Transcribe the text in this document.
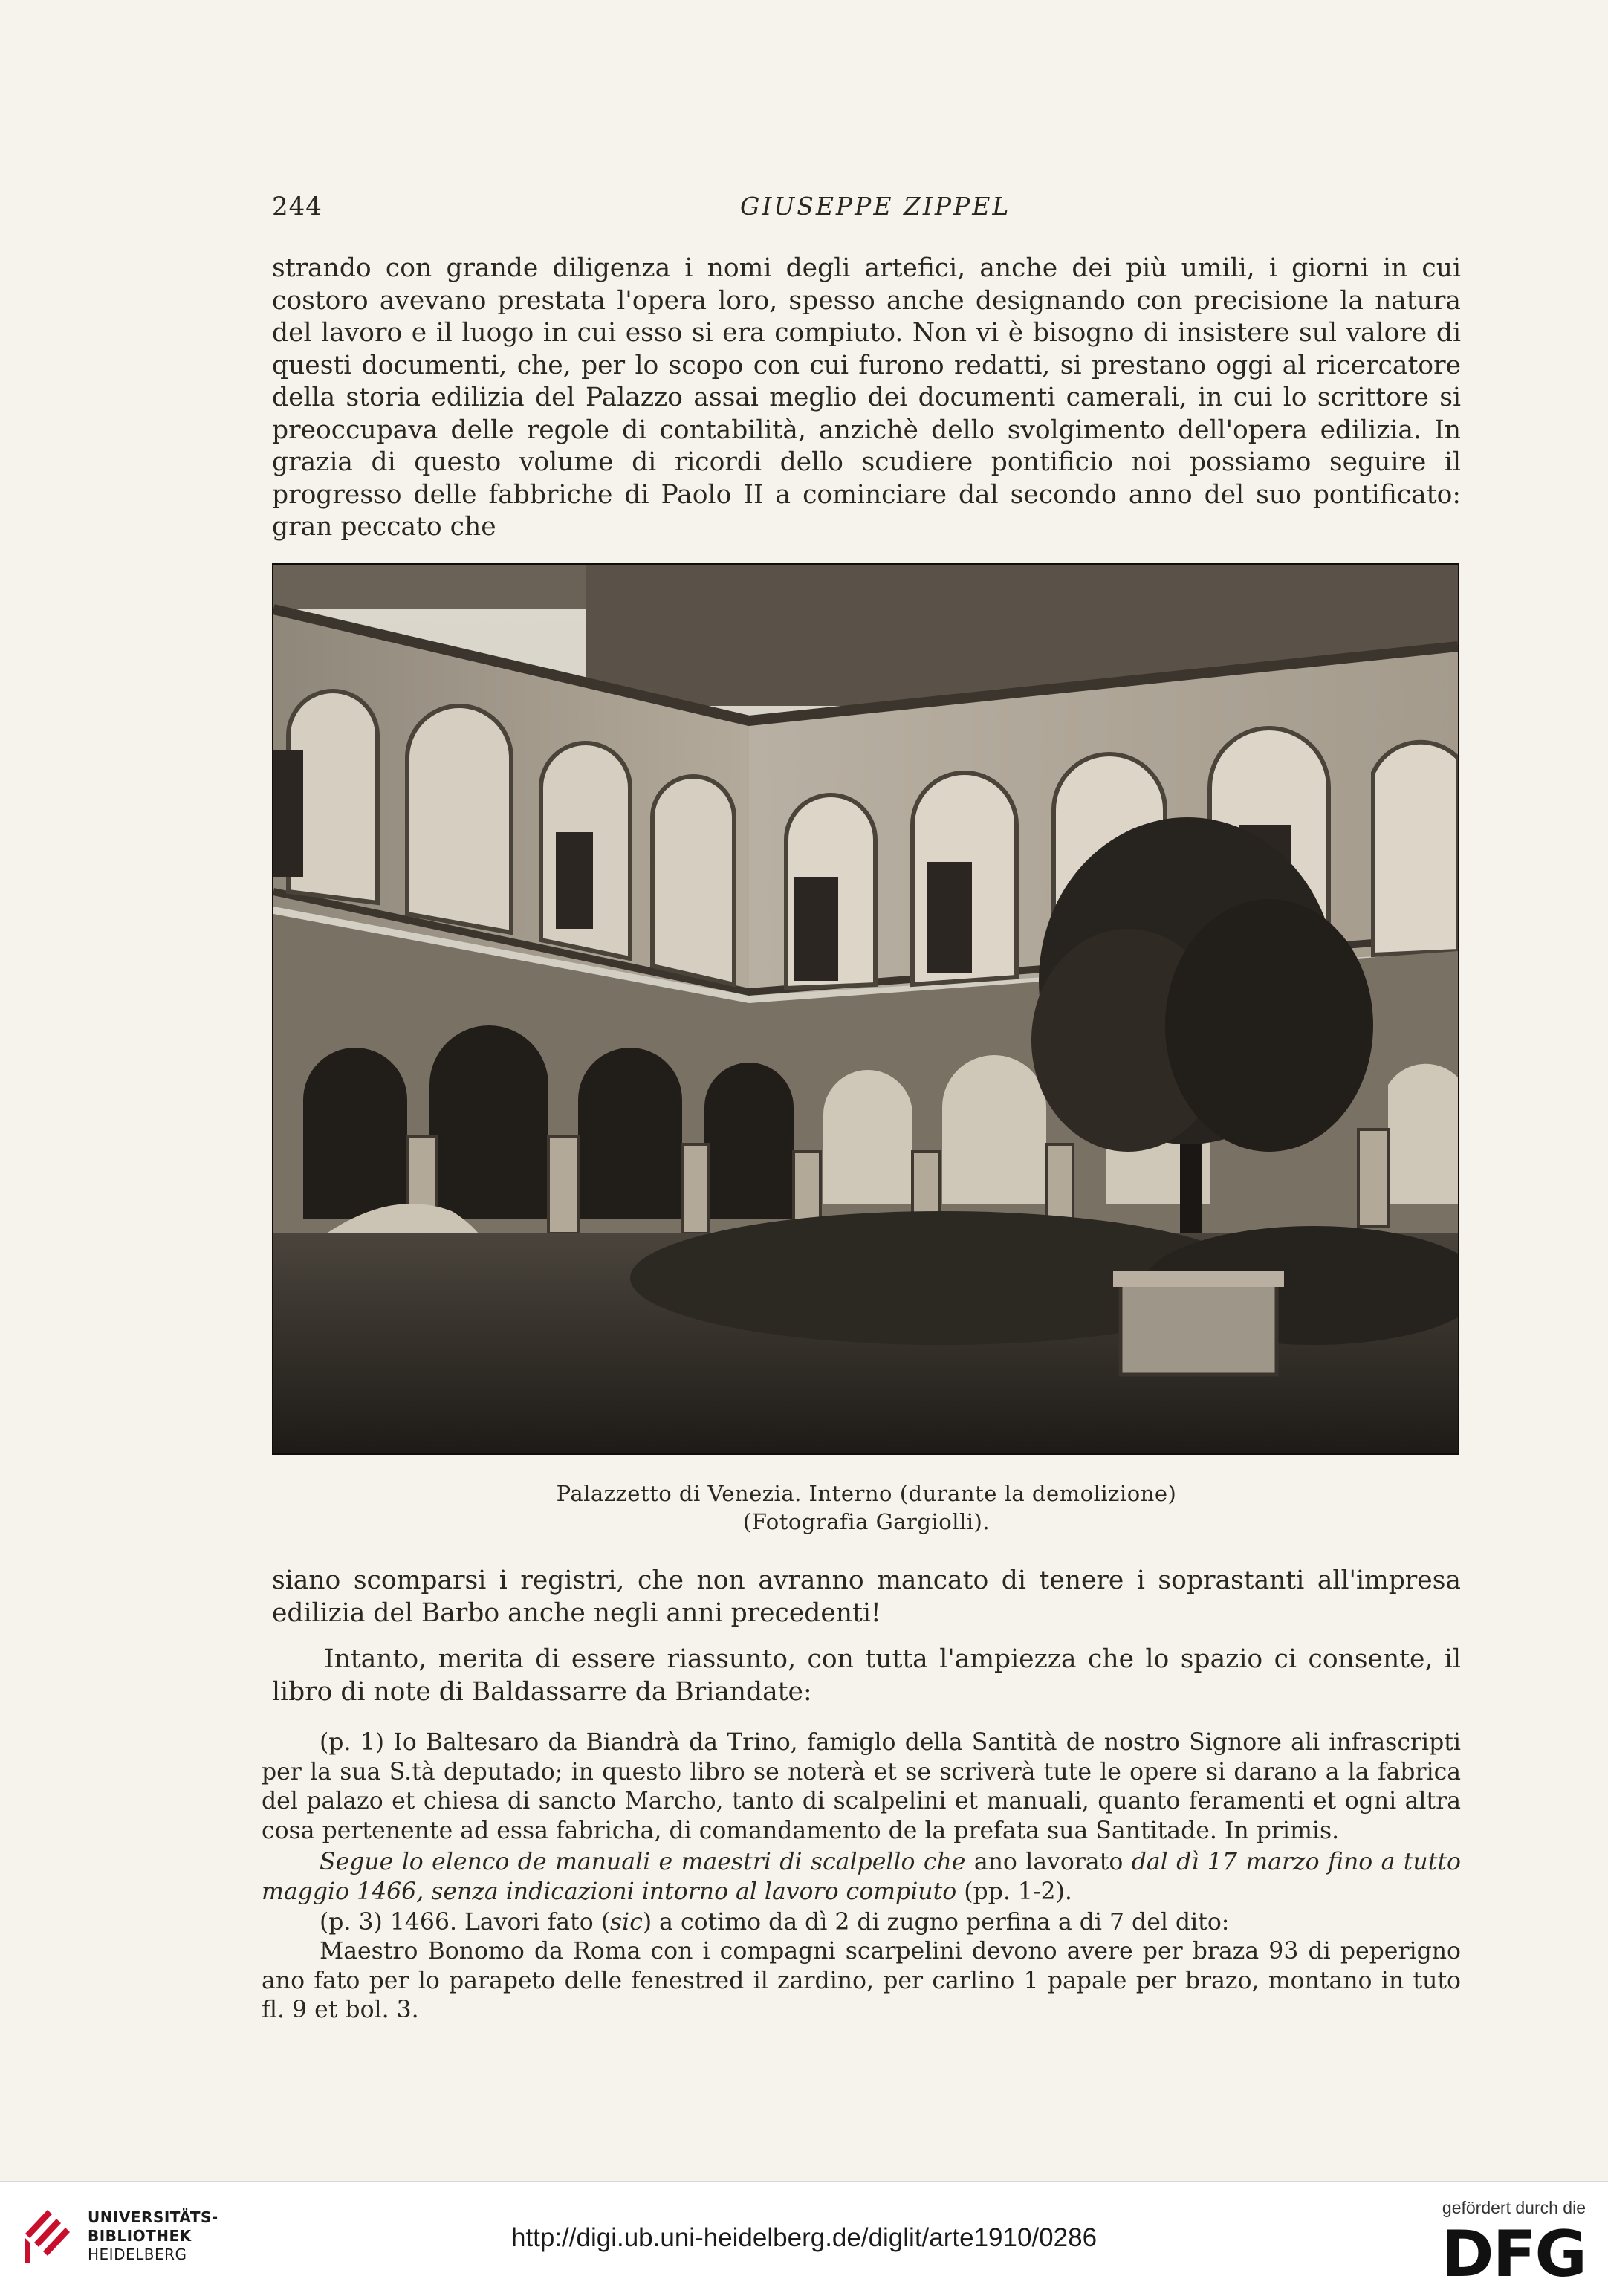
244	GIUSEPPE ZIPPEL

strando con grande diligenza i nomi degli artefici, anche dei più umili, i giorni in cui costoro avevano prestata l'opera loro, spesso anche designando con precisione la natura del lavoro e il luogo in cui esso si era compiuto. Non vi è bisogno di insistere sul valore di questi documenti, che, per lo scopo con cui furono redatti, si prestano oggi al ricercatore della storia edilizia del Palazzo assai meglio dei documenti camerali, in cui lo scrittore si preoccupava delle regole di contabilità, anzichè dello svolgimento dell'opera edilizia. In grazia di questo volume di ricordi dello scudiere pontificio noi possiamo seguire il progresso delle fabbriche di Paolo II a cominciare dal secondo anno del suo pontificato: gran peccato che

Palazzetto di Venezia. Interno (durante la demolizione)
(Fotografia Gargiolli).

siano scomparsi i registri, che non avranno mancato di tenere i soprastanti all'impresa edilizia del Barbo anche negli anni precedenti!

Intanto, merita di essere riassunto, con tutta l'ampiezza che lo spazio ci consente, il libro di note di Baldassarre da Briandate:

(p. 1) Io Baltesaro da Biandrà da Trino, famiglo della Santità de nostro Signore ali infrascripti per la sua S.tà deputado; in questo libro se noterà et se scriverà tute le opere si darano a la fabrica del palazo et chiesa di sancto Marcho, tanto di scalpelini et manuali, quanto feramenti et ogni altra cosa pertenente ad essa fabricha, di comandamento de la prefata sua Santitade. In primis.

Segue lo elenco de manuali e maestri di scalpello che ano lavorato dal dì 17 marzo fino a tutto maggio 1466, senza indicazioni intorno al lavoro compiuto (pp. 1-2).

(p. 3) 1466. Lavori fato (sic) a cotimo da dì 2 di zugno perfina a di 7 del dito:

Maestro Bonomo da Roma con i compagni scarpelini devono avere per braza 93 di peperigno ano fato per lo parapeto delle fenestred il zardino, per carlino 1 papale per brazo, montano in tuto fl. 9 et bol. 3.

UNIVERSITÄTS-
BIBLIOTHEK
HEIDELBERG
http://digi.ub.uni-heidelberg.de/diglit/arte1910/0286
gefördert durch die
DFG
